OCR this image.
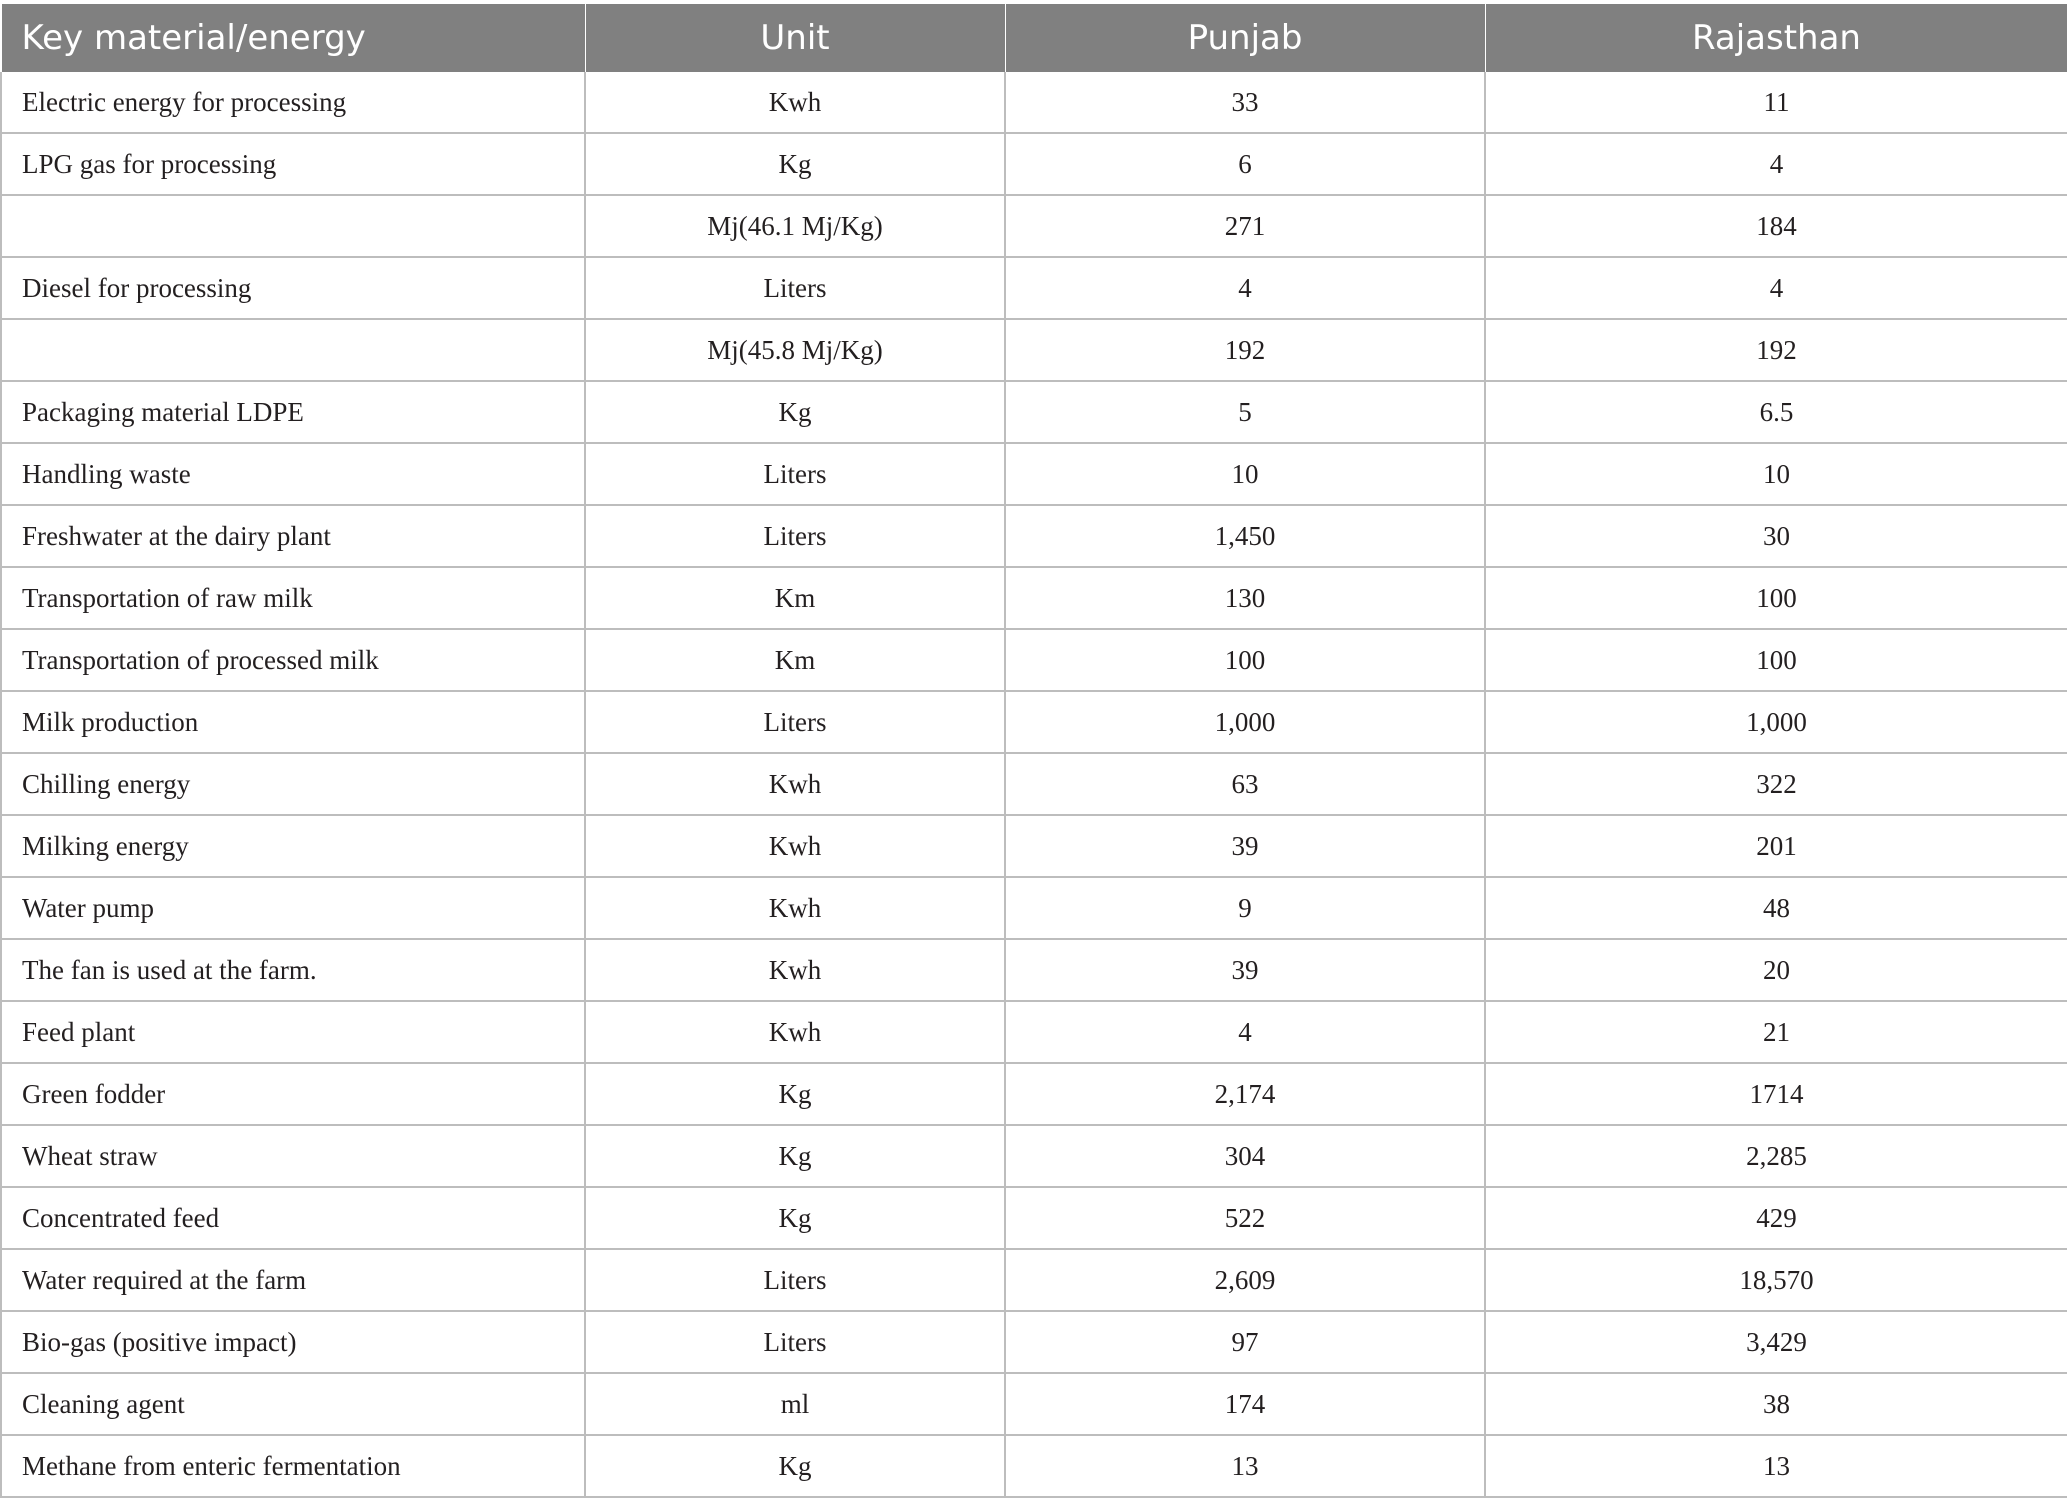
Key material/energy	Unit	Punjab	Rajasthan
Electric energy for processing	Kwh	33	11
LPG gas for processing	Kg	6	4
	Mj(46.1 Mj/Kg)	271	184
Diesel for processing	Liters	4	4
	Mj(45.8 Mj/Kg)	192	192
Packaging material LDPE	Kg	5	6.5
Handling waste	Liters	10	10
Freshwater at the dairy plant	Liters	1,450	30
Transportation of raw milk	Km	130	100
Transportation of processed milk	Km	100	100
Milk production	Liters	1,000	1,000
Chilling energy	Kwh	63	322
Milking energy	Kwh	39	201
Water pump	Kwh	9	48
The fan is used at the farm.	Kwh	39	20
Feed plant	Kwh	4	21
Green fodder	Kg	2,174	1714
Wheat straw	Kg	304	2,285
Concentrated feed	Kg	522	429
Water required at the farm	Liters	2,609	18,570
Bio-gas (positive impact)	Liters	97	3,429
Cleaning agent	ml	174	38
Methane from enteric fermentation	Kg	13	13
